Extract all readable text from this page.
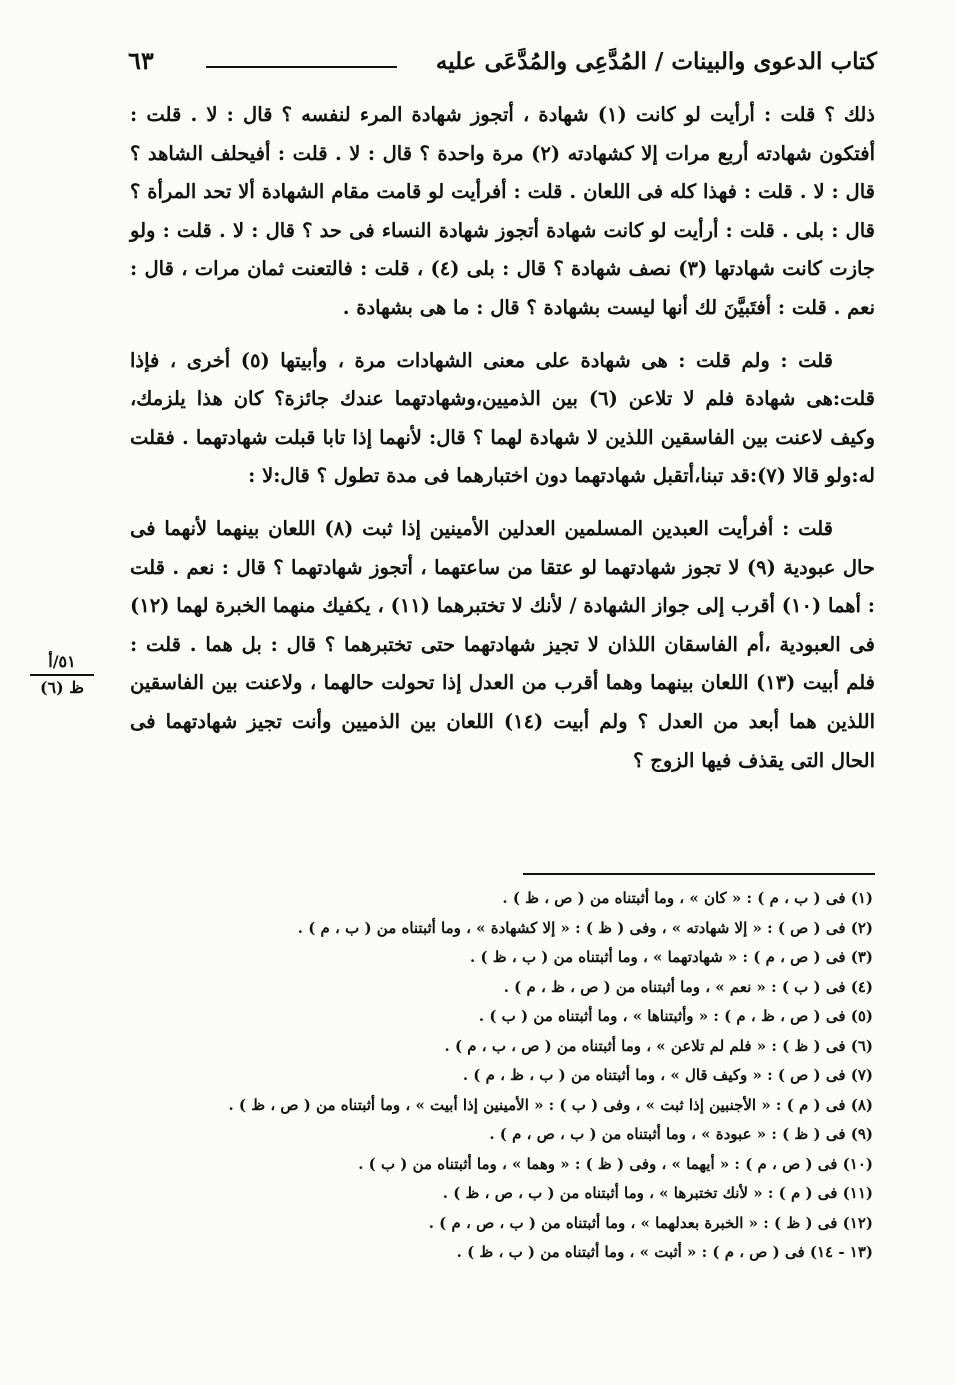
كتاب الدعوى والبينات / المُدَّعِى والمُدَّعَى عليه
٦٣

ذلك ؟ قلت : أرأيت لو كانت (١) شهادة ، أتجوز شهادة المرء لنفسه ؟ قال : لا . قلت : أفتكون شهادته أربع مرات إلا كشهادته (٢) مرة واحدة ؟ قال : لا . قلت : أفيحلف الشاهد ؟ قال : لا . قلت : فهذا كله فى اللعان . قلت : أفرأيت لو قامت مقام الشهادة ألا تحد المرأة ؟ قال : بلى . قلت : أرأيت لو كانت شهادة أتجوز شهادة النساء فى حد ؟ قال : لا . قلت : ولو جازت كانت شهادتها (٣) نصف شهادة ؟ قال : بلى (٤) ، قلت : فالتعنت ثمان مرات ، قال : نعم . قلت : أفتَبيَّنَ لك أنها ليست بشهادة ؟ قال : ما هى بشهادة .

قلت : ولم قلت : هى شهادة على معنى الشهادات مرة ، وأبيتها (٥) أخرى ، فإذا قلت:هى شهادة فلم لا تلاعن (٦) بين الذميين،وشهادتهما عندك جائزة؟ كان هذا يلزمك، وكيف لاعنت بين الفاسقين اللذين لا شهادة لهما ؟ قال: لأنهما إذا تابا قبلت شهادتهما . فقلت له:ولو قالا (٧):قد تبنا،أتقبل شهادتهما دون اختبارهما فى مدة تطول ؟ قال:لا :

قلت : أفرأيت العبدين المسلمين العدلين الأمينين إذا ثبت (٨) اللعان بينهما لأنهما فى حال عبودية (٩) لا تجوز شهادتهما لو عتقا من ساعتهما ، أتجوز شهادتهما ؟ قال : نعم . قلت : أهما (١٠) أقرب إلى جواز الشهادة / لأنك لا تختبرهما (١١) ، يكفيك منهما الخبرة لهما (١٢) فى العبودية ،أم الفاسقان اللذان لا تجيز شهادتهما حتى تختبرهما ؟ قال : بل هما . قلت : فلم أبيت (١٣) اللعان بينهما وهما أقرب من العدل إذا تحولت حالهما ، ولاعنت بين الفاسقين اللذين هما أبعد من العدل ؟ ولم أبيت (١٤) اللعان بين الذميين وأنت تجيز شهادتهما فى الحال التى يقذف فيها الزوج ؟

٥١/أ
ظ (٦)
(١) فى ( ب ، م ) : « كان » ، وما أثبتناه من ( ص ، ظ ) .
(٢) فى ( ص ) : « إلا شهادته » ، وفى ( ظ ) : « إلا كشهادة » ، وما أثبتناه من ( ب ، م ) .
(٣) فى ( ص ، م ) : « شهادتهما » ، وما أثبتناه من ( ب ، ظ ) .
(٤) فى ( ب ) : « نعم » ، وما أثبتناه من ( ص ، ظ ، م ) .
(٥) فى ( ص ، ظ ، م ) : « وأثبتناها » ، وما أثبتناه من ( ب ) .
(٦) فى ( ظ ) : « فلم لم تلاعن » ، وما أثبتناه من ( ص ، ب ، م ) .
(٧) فى ( ص ) : « وكيف قال » ، وما أثبتناه من ( ب ، ظ ، م ) .
(٨) فى ( م ) : « الأجنبين إذا ثبت » ، وفى ( ب ) : « الأمينين إذا أبيت » ، وما أثبتناه من ( ص ، ظ ) .
(٩) فى ( ظ ) : « عبودة » ، وما أثبتناه من ( ب ، ص ، م ) .
(١٠) فى ( ص ، م ) : « أيهما » ، وفى ( ظ ) : « وهما » ، وما أثبتناه من ( ب ) .
(١١) فى ( م ) : « لأنك تختبرها » ، وما أثبتناه من ( ب ، ص ، ظ ) .
(١٢) فى ( ظ ) : « الخبرة بعدلهما » ، وما أثبتناه من ( ب ، ص ، م ) .
(١٣ - ١٤) فى ( ص ، م ) : « أثبت » ، وما أثبتناه من ( ب ، ظ ) .
